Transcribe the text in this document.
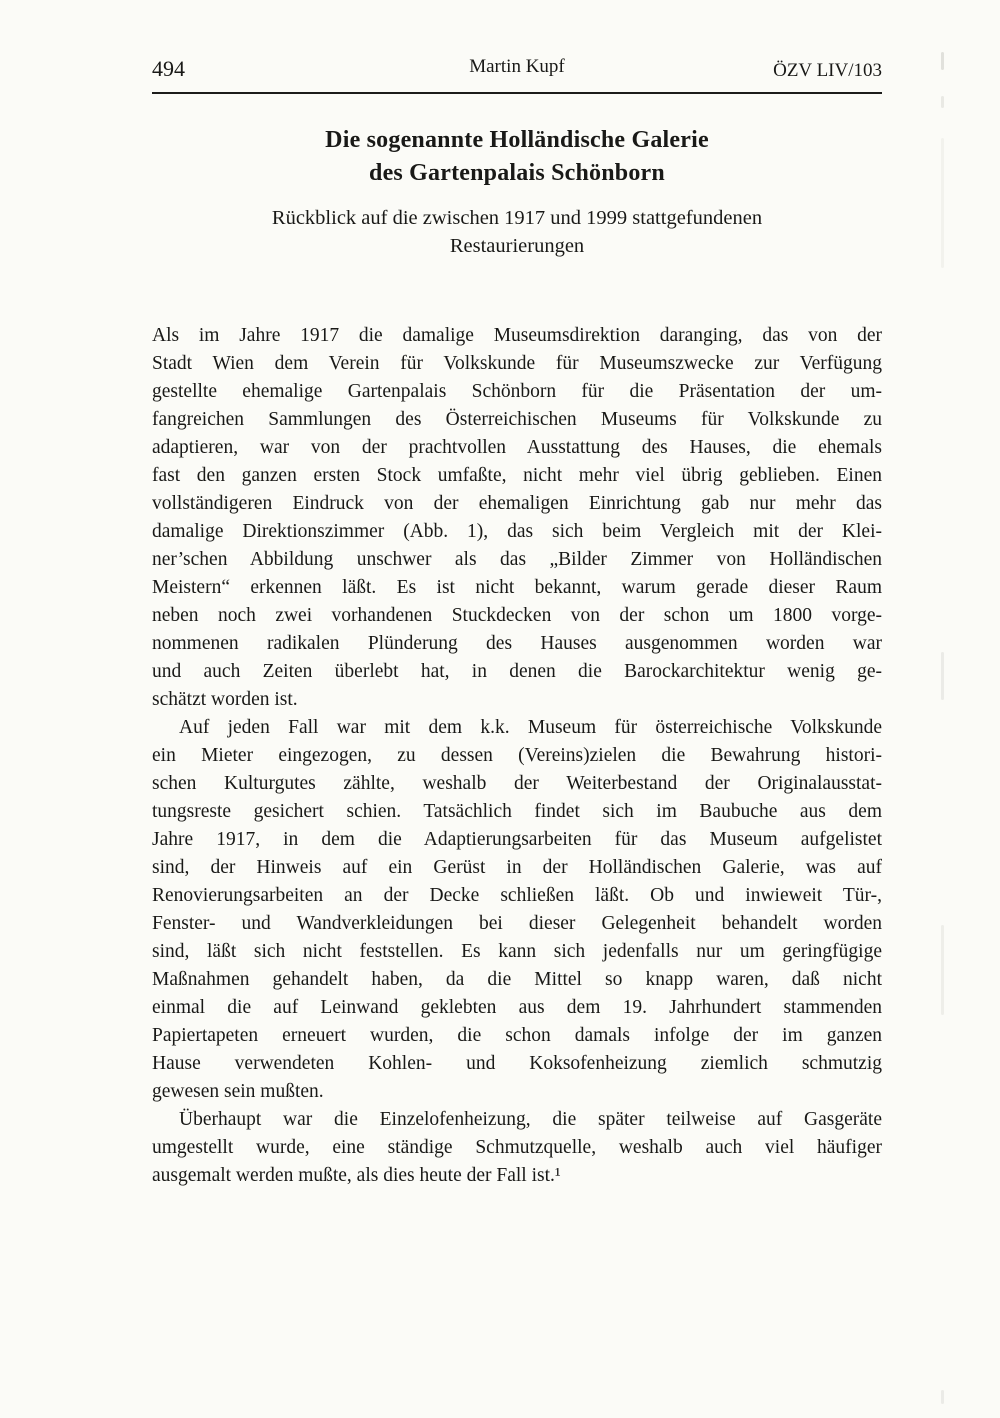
494	Martin Kupf	ÖZV LIV/103
Die sogenannte Holländische Galerie
des Gartenpalais Schönborn
Rückblick auf die zwischen 1917 und 1999 stattgefundenen
Restaurierungen
Als im Jahre 1917 die damalige Museumsdirektion daranging, das von der
Stadt Wien dem Verein für Volkskunde für Museumszwecke zur Verfügung
gestellte ehemalige Gartenpalais Schönborn für die Präsentation der um-
fangreichen Sammlungen des Österreichischen Museums für Volkskunde zu
adaptieren, war von der prachtvollen Ausstattung des Hauses, die ehemals
fast den ganzen ersten Stock umfaßte, nicht mehr viel übrig geblieben. Einen
vollständigeren Eindruck von der ehemaligen Einrichtung gab nur mehr das
damalige Direktionszimmer (Abb. 1), das sich beim Vergleich mit der Klei-
ner’schen Abbildung unschwer als das „Bilder Zimmer von Holländischen
Meistern“ erkennen läßt. Es ist nicht bekannt, warum gerade dieser Raum
neben noch zwei vorhandenen Stuckdecken von der schon um 1800 vorge-
nommenen radikalen Plünderung des Hauses ausgenommen worden war
und auch Zeiten überlebt hat, in denen die Barockarchitektur wenig ge-
schätzt worden ist.
Auf jeden Fall war mit dem k.k. Museum für österreichische Volkskunde
ein Mieter eingezogen, zu dessen (Vereins)zielen die Bewahrung histori-
schen Kulturgutes zählte, weshalb der Weiterbestand der Originalausstat-
tungsreste gesichert schien. Tatsächlich findet sich im Baubuche aus dem
Jahre 1917, in dem die Adaptierungsarbeiten für das Museum aufgelistet
sind, der Hinweis auf ein Gerüst in der Holländischen Galerie, was auf
Renovierungsarbeiten an der Decke schließen läßt. Ob und inwieweit Tür-,
Fenster- und Wandverkleidungen bei dieser Gelegenheit behandelt worden
sind, läßt sich nicht feststellen. Es kann sich jedenfalls nur um geringfügige
Maßnahmen gehandelt haben, da die Mittel so knapp waren, daß nicht
einmal die auf Leinwand geklebten aus dem 19. Jahrhundert stammenden
Papiertapeten erneuert wurden, die schon damals infolge der im ganzen
Hause verwendeten Kohlen- und Koksofenheizung ziemlich schmutzig
gewesen sein mußten.
Überhaupt war die Einzelofenheizung, die später teilweise auf Gasgeräte
umgestellt wurde, eine ständige Schmutzquelle, weshalb auch viel häufiger
ausgemalt werden mußte, als dies heute der Fall ist.¹
